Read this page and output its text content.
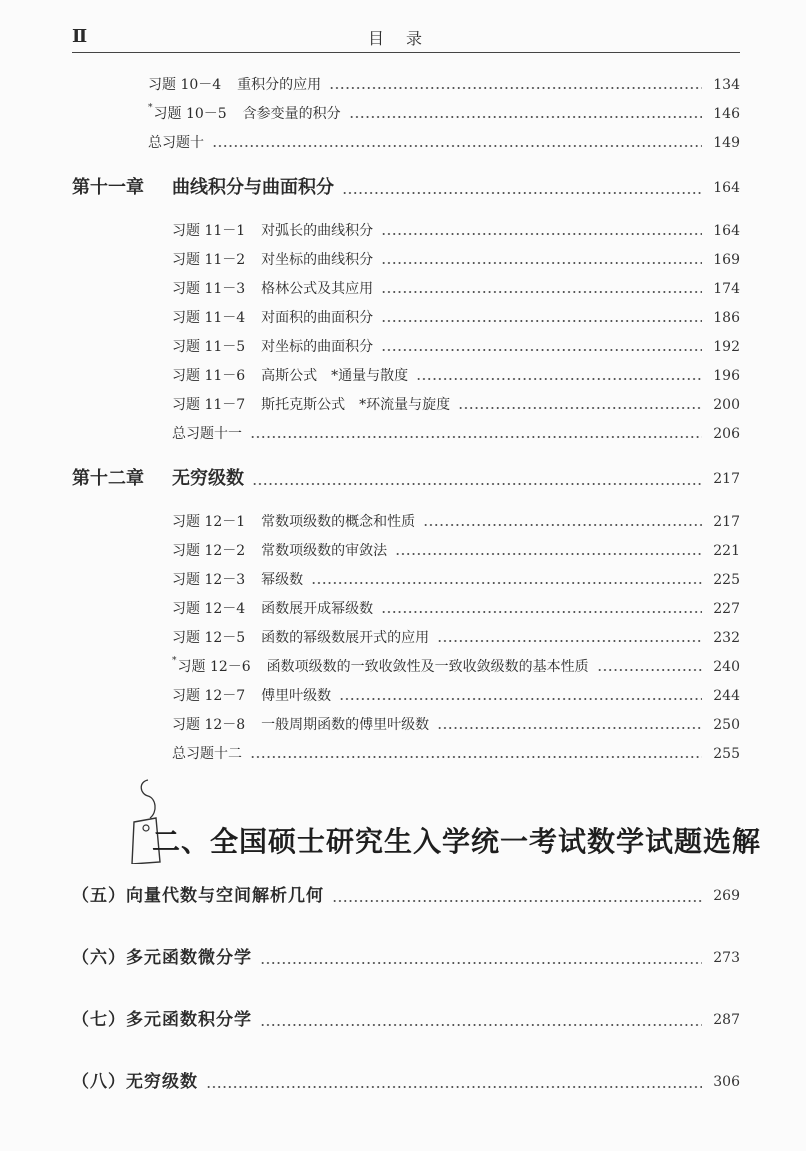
Ⅱ	目录
习题 10－4 重积分的应用	134
*习题 10－5 含参变量的积分	146
总习题十	149
第十一章 曲线积分与曲面积分	164
习题 11－1 对弧长的曲线积分	164
习题 11－2 对坐标的曲线积分	169
习题 11－3 格林公式及其应用	174
习题 11－4 对面积的曲面积分	186
习题 11－5 对坐标的曲面积分	192
习题 11－6 高斯公式　*通量与散度	196
习题 11－7 斯托克斯公式　*环流量与旋度	200
总习题十一	206
第十二章 无穷级数	217
习题 12－1 常数项级数的概念和性质	217
习题 12－2 常数项级数的审敛法	221
习题 12－3 幂级数	225
习题 12－4 函数展开成幂级数	227
习题 12－5 函数的幂级数展开式的应用	232
*习题 12－6 函数项级数的一致收敛性及一致收敛级数的基本性质	240
习题 12－7 傅里叶级数	244
习题 12－8 一般周期函数的傅里叶级数	250
总习题十二	255
二、全国硕士研究生入学统一考试数学试题选解
（五）向量代数与空间解析几何	269
（六）多元函数微分学	273
（七）多元函数积分学	287
（八）无穷级数	306
